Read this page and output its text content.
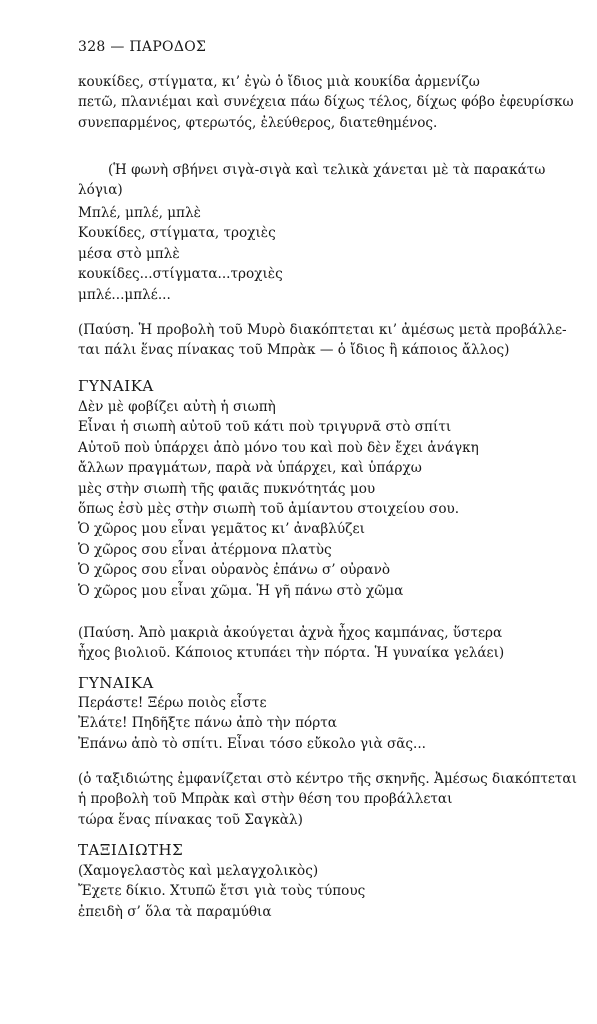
328 — ΠΑΡΟΔΟΣ
κουκίδες, στίγματα, κι’ ἐγὼ ὁ ἴδιος μιὰ κουκίδα ἀρμενίζω
πετῶ, πλανιέμαι καὶ συνέχεια πάω δίχως τέλος, δίχως φόβο ἐφευρίσκω
συνεπαρμένος, φτερωτός, ἐλεύθερος, διατεθημένος.
(Ἡ φωνὴ σβήνει σιγὰ-σιγὰ καὶ τελικὰ χάνεται μὲ τὰ παρακάτω
λόγια)
Μπλέ, μπλέ, μπλὲ
Κουκίδες, στίγματα, τροχιὲς
μέσα στὸ μπλὲ
κουκίδες...στίγματα...τροχιὲς
μπλέ...μπλέ...
(Παύση. Ἡ προβολὴ τοῦ Μυρὸ διακόπτεται κι’ ἀμέσως μετὰ προβάλλε-
ται πάλι ἕνας πίνακας τοῦ Μπρὰκ — ὁ ἴδιος ἢ κάποιος ἄλλος)
ΓΥΝΑΙΚΑ
Δὲν μὲ φοβίζει αὐτὴ ἡ σιωπὴ
Εἶναι ἡ σιωπὴ αὐτοῦ τοῦ κάτι ποὺ τριγυρνᾶ στὸ σπίτι
Αὐτοῦ ποὺ ὑπάρχει ἀπὸ μόνο του καὶ ποὺ δὲν ἔχει ἀνάγκη
ἄλλων πραγμάτων, παρὰ νὰ ὑπάρχει, καὶ ὑπάρχω
μὲς στὴν σιωπὴ τῆς φαιᾶς πυκνότητάς μου
ὅπως ἐσὺ μὲς στὴν σιωπὴ τοῦ ἀμίαντου στοιχείου σου.
Ὁ χῶρος μου εἶναι γεμᾶτος κι’ ἀναβλύζει
Ὁ χῶρος σου εἶναι ἀτέρμονα πλατὺς
Ὁ χῶρος σου εἶναι οὐρανὸς ἐπάνω σ’ οὐρανὸ
Ὁ χῶρος μου εἶναι χῶμα. Ἡ γῆ πάνω στὸ χῶμα
(Παύση. Ἀπὸ μακριὰ ἀκούγεται ἀχνὰ ἦχος καμπάνας, ὕστερα
ἦχος βιολιοῦ. Κάποιος κτυπάει τὴν πόρτα. Ἡ γυναίκα γελάει)
ΓΥΝΑΙΚΑ
Περάστε! Ξέρω ποιὸς εἶστε
Ἐλάτε! Πηδῆξτε πάνω ἀπὸ τὴν πόρτα
Ἐπάνω ἀπὸ τὸ σπίτι. Εἶναι τόσο εὔκολο γιὰ σᾶς...
(ὁ ταξιδιώτης ἐμφανίζεται στὸ κέντρο τῆς σκηνῆς. Ἀμέσως διακόπτεται
ἡ προβολὴ τοῦ Μπρὰκ καὶ στὴν θέση του προβάλλεται
τώρα ἕνας πίνακας τοῦ Σαγκὰλ)
ΤΑΞΙΔΙΩΤΗΣ
(Χαμογελαστὸς καὶ μελαγχολικὸς)
Ἔχετε δίκιο. Χτυπῶ ἔτσι γιὰ τοὺς τύπους
ἐπειδὴ σ’ ὅλα τὰ παραμύθια
